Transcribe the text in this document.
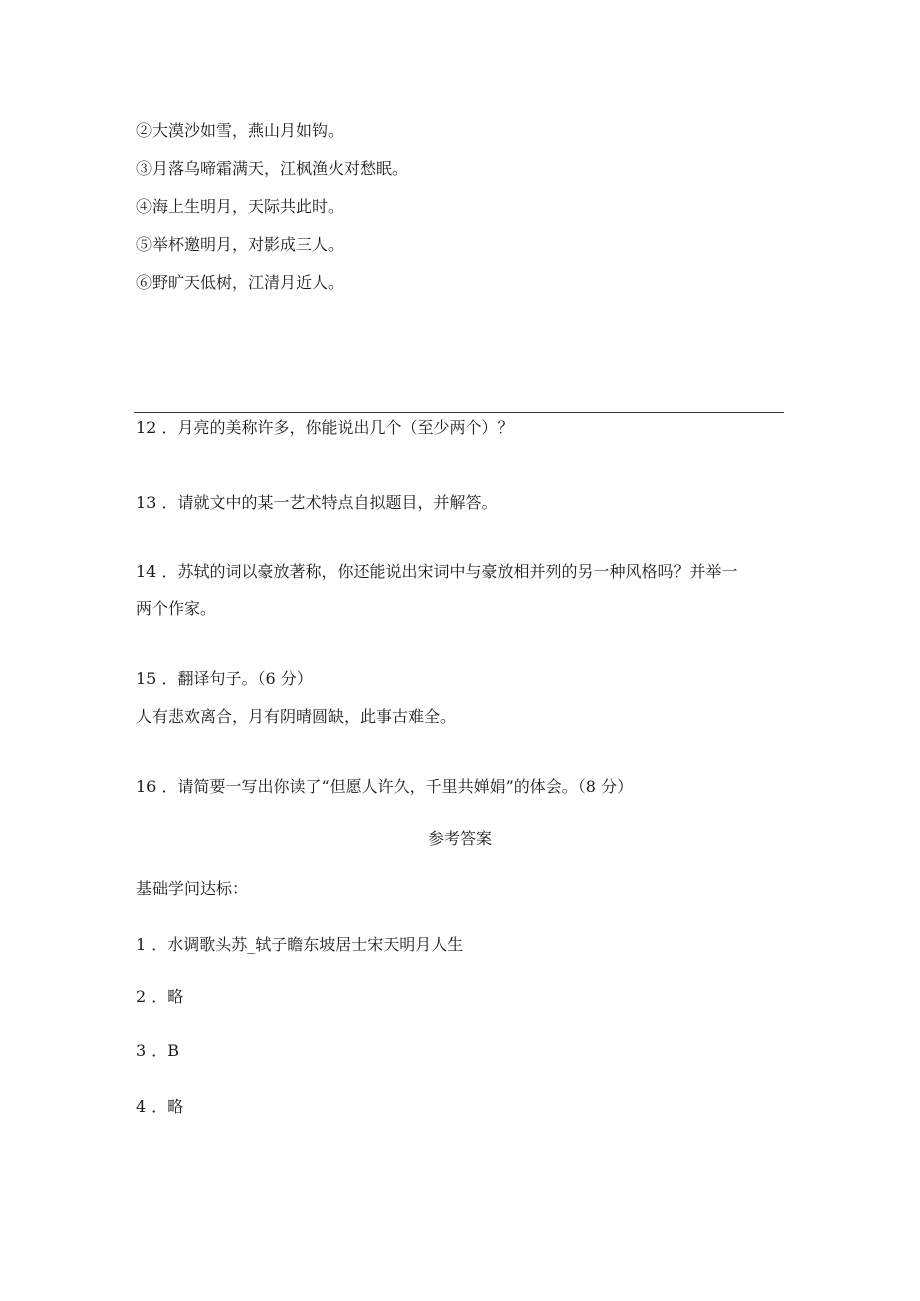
②大漠沙如雪，燕山月如钩。
③月落乌啼霜满天，江枫渔火对愁眠。
④海上生明月，天际共此时。
⑤举杯邀明月，对影成三人。
⑥野旷天低树，江清月近人。
12 ．月亮的美称许多，你能说出几个（至少两个）？
13 ．请就文中的某一艺术特点自拟题目，并解答。
14 ．苏轼的词以豪放著称，你还能说出宋词中与豪放相并列的另一种风格吗？并举一
两个作家。
15 ．翻译句子。（6 分）
人有悲欢离合，月有阴晴圆缺，此事古难全。
16 ．请简要一写出你读了“但愿人许久，千里共婵娟”的体会。（8 分）
参考答案
基础学问达标：
1 ．水调歌头苏_轼子瞻东坡居士宋天明月人生
2 ．略
3 ．B
4 ．略
